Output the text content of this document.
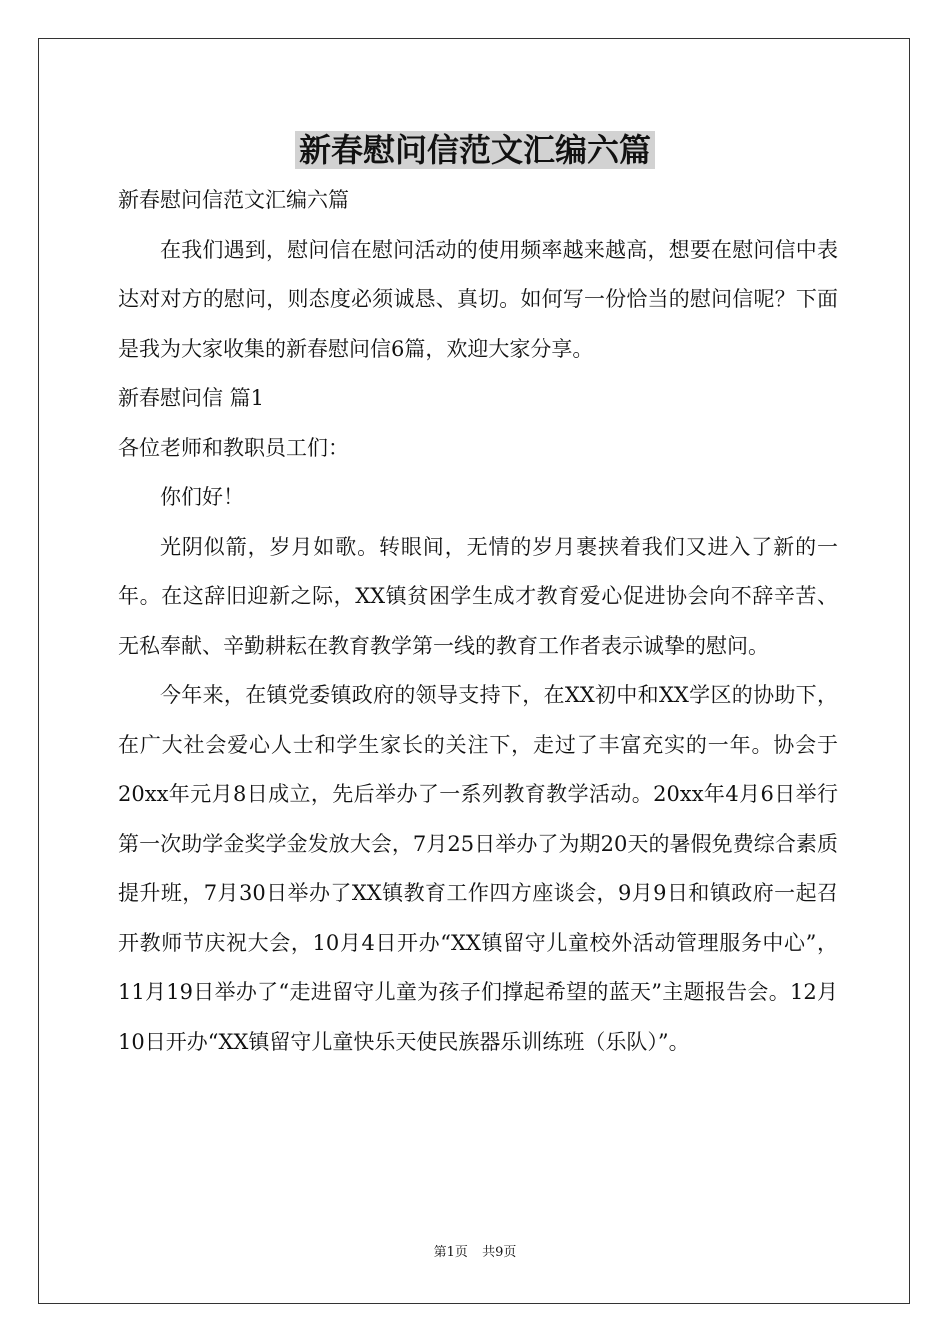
新春慰问信范文汇编六篇

新春慰问信范文汇编六篇

在我们遇到，慰问信在慰问活动的使用频率越来越高，想要在慰问信中表达对对方的慰问，则态度必须诚恳、真切。如何写一份恰当的慰问信呢？下面是我为大家收集的新春慰问信6篇，欢迎大家分享。

新春慰问信 篇1

各位老师和教职员工们：

你们好！

光阴似箭，岁月如歌。转眼间，无情的岁月裹挟着我们又进入了新的一年。在这辞旧迎新之际，XX镇贫困学生成才教育爱心促进协会向不辞辛苦、无私奉献、辛勤耕耘在教育教学第一线的教育工作者表示诚挚的慰问。

今年来，在镇党委镇政府的领导支持下，在XX初中和XX学区的协助下，在广大社会爱心人士和学生家长的关注下，走过了丰富充实的一年。协会于20xx年元月8日成立，先后举办了一系列教育教学活动。20xx年4月6日举行第一次助学金奖学金发放大会，7月25日举办了为期20天的暑假免费综合素质提升班，7月30日举办了XX镇教育工作四方座谈会，9月9日和镇政府一起召开教师节庆祝大会，10月4日开办“XX镇留守儿童校外活动管理服务中心”，11月19日举办了“走进留守儿童为孩子们撑起希望的蓝天”主题报告会。12月10日开办“XX镇留守儿童快乐天使民族器乐训练班（乐队）”。

第1页 共9页
